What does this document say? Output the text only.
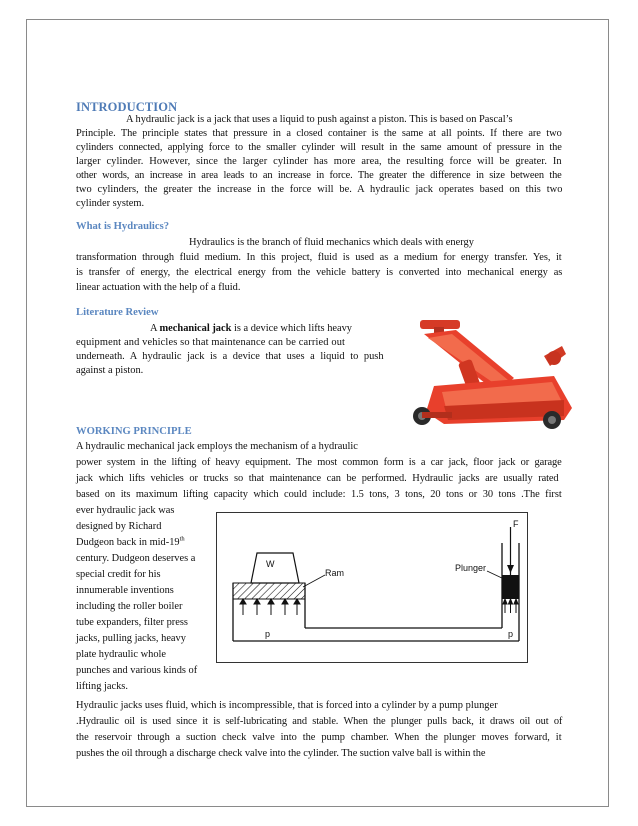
INTRODUCTION
A hydraulic jack is a jack that uses a liquid to push against a piston. This is based on Pascal’s
Principle. The principle states that pressure in a closed container is the same at all points. If there are two
cylinders connected, applying force to the smaller cylinder will result in the same amount of pressure in the
larger cylinder. However, since the larger cylinder has more area, the resulting force will be greater. In
other words, an increase in area leads to an increase in force. The greater the difference in size between the
two cylinders, the greater the increase in the force will be. A hydraulic jack operates based on this two
cylinder system.
What is Hydraulics?
Hydraulics is the branch of fluid mechanics which deals with energy
transformation through fluid medium. In this project, fluid is used as a medium for energy transfer. Yes, it
is transfer of energy, the electrical energy from the vehicle battery is converted into mechanical energy as
linear actuation with the help of a fluid.
Literature Review
A mechanical jack is a device which lifts heavy
equipment and vehicles so that maintenance can be carried out
underneath. A hydraulic jack is a device that uses a liquid to push
against a piston.
WORKING PRINCIPLE
A hydraulic mechanical jack employs the mechanism of a hydraulic
power system in the lifting of heavy equipment. The most common form is a car jack, floor jack or garage
jack which lifts vehicles or trucks so that maintenance can be performed. Hydraulic jacks are usually rated
based on its maximum lifting capacity which could include: 1.5 tons, 3 tons, 20 tons or 30 tons .The first
ever hydraulic jack was
designed by Richard
Dudgeon back in mid-19th
century. Dudgeon deserves a
special credit for his
innumerable inventions
including the roller boiler
tube expanders, filter press
jacks, pulling jacks, heavy
plate hydraulic whole
punches and various kinds of
lifting jacks.
W
Ram	Plunger
F
p	p
Hydraulic jacks uses fluid, which is incompressible, that is forced into a cylinder by a pump plunger
.Hydraulic oil is used since it is self-lubricating and stable. When the plunger pulls back, it draws oil out of
the reservoir through a suction check valve into the pump chamber. When the plunger moves forward, it
pushes the oil through a discharge check valve into the cylinder. The suction valve ball is within the
